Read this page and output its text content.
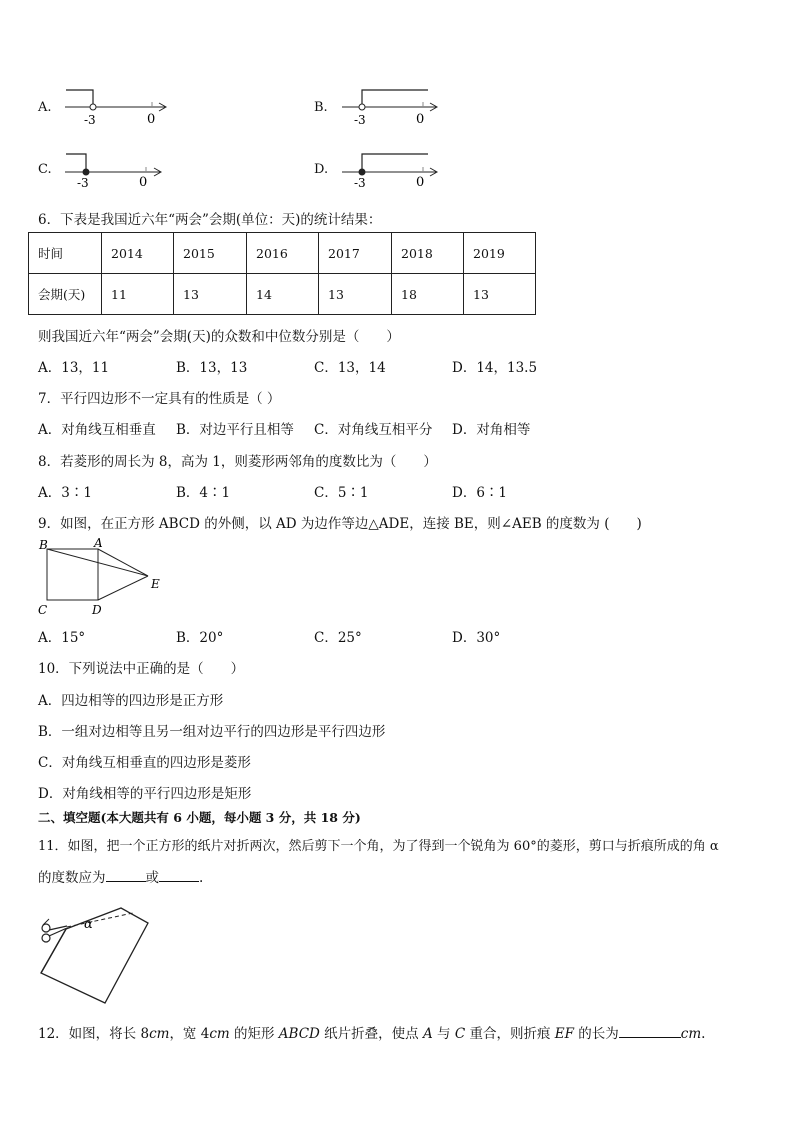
A.
-3	0
B.
-3	0
C.
-3	0
D.
-3	0
6．下表是我国近六年“两会”会期(单位：天)的统计结果：
时间	2014	2015	2016	2017	2018	2019
会期(天)	11	13	14	13	18	13
则我国近六年“两会”会期(天)的众数和中位数分别是（　　）
A．13，11	B．13，13	C．13，14	D．14，13.5
7．平行四边形不一定具有的性质是（ ）
A．对角线互相垂直 B．对边平行且相等 C．对角线互相平分 D．对角相等
8．若菱形的周长为 8，高为 1，则菱形两邻角的度数比为（　　）
A．3∶1	B．4∶1	C．5∶1	D．6∶1
9．如图，在正方形 ABCD 的外侧，以 AD 为边作等边△ADE，连接 BE，则∠AEB 的度数为 (　　)
B	A
E
C	D
A．15°	B．20°	C．25°	D．30°
10．下列说法中正确的是（　　）
A．四边相等的四边形是正方形
B．一组对边相等且另一组对边平行的四边形是平行四边形
C．对角线互相垂直的四边形是菱形
D．对角线相等的平行四边形是矩形
二、填空题(本大题共有 6 小题，每小题 3 分，共 18 分)
11．如图，把一个正方形的纸片对折两次，然后剪下一个角，为了得到一个锐角为 60°的菱形，剪口与折痕所成的角 α
的度数应为	或	.
α
12．如图，将长 8cm，宽 4cm 的矩形 ABCD 纸片折叠，使点 A 与 C 重合，则折痕 EF 的长为	cm.
